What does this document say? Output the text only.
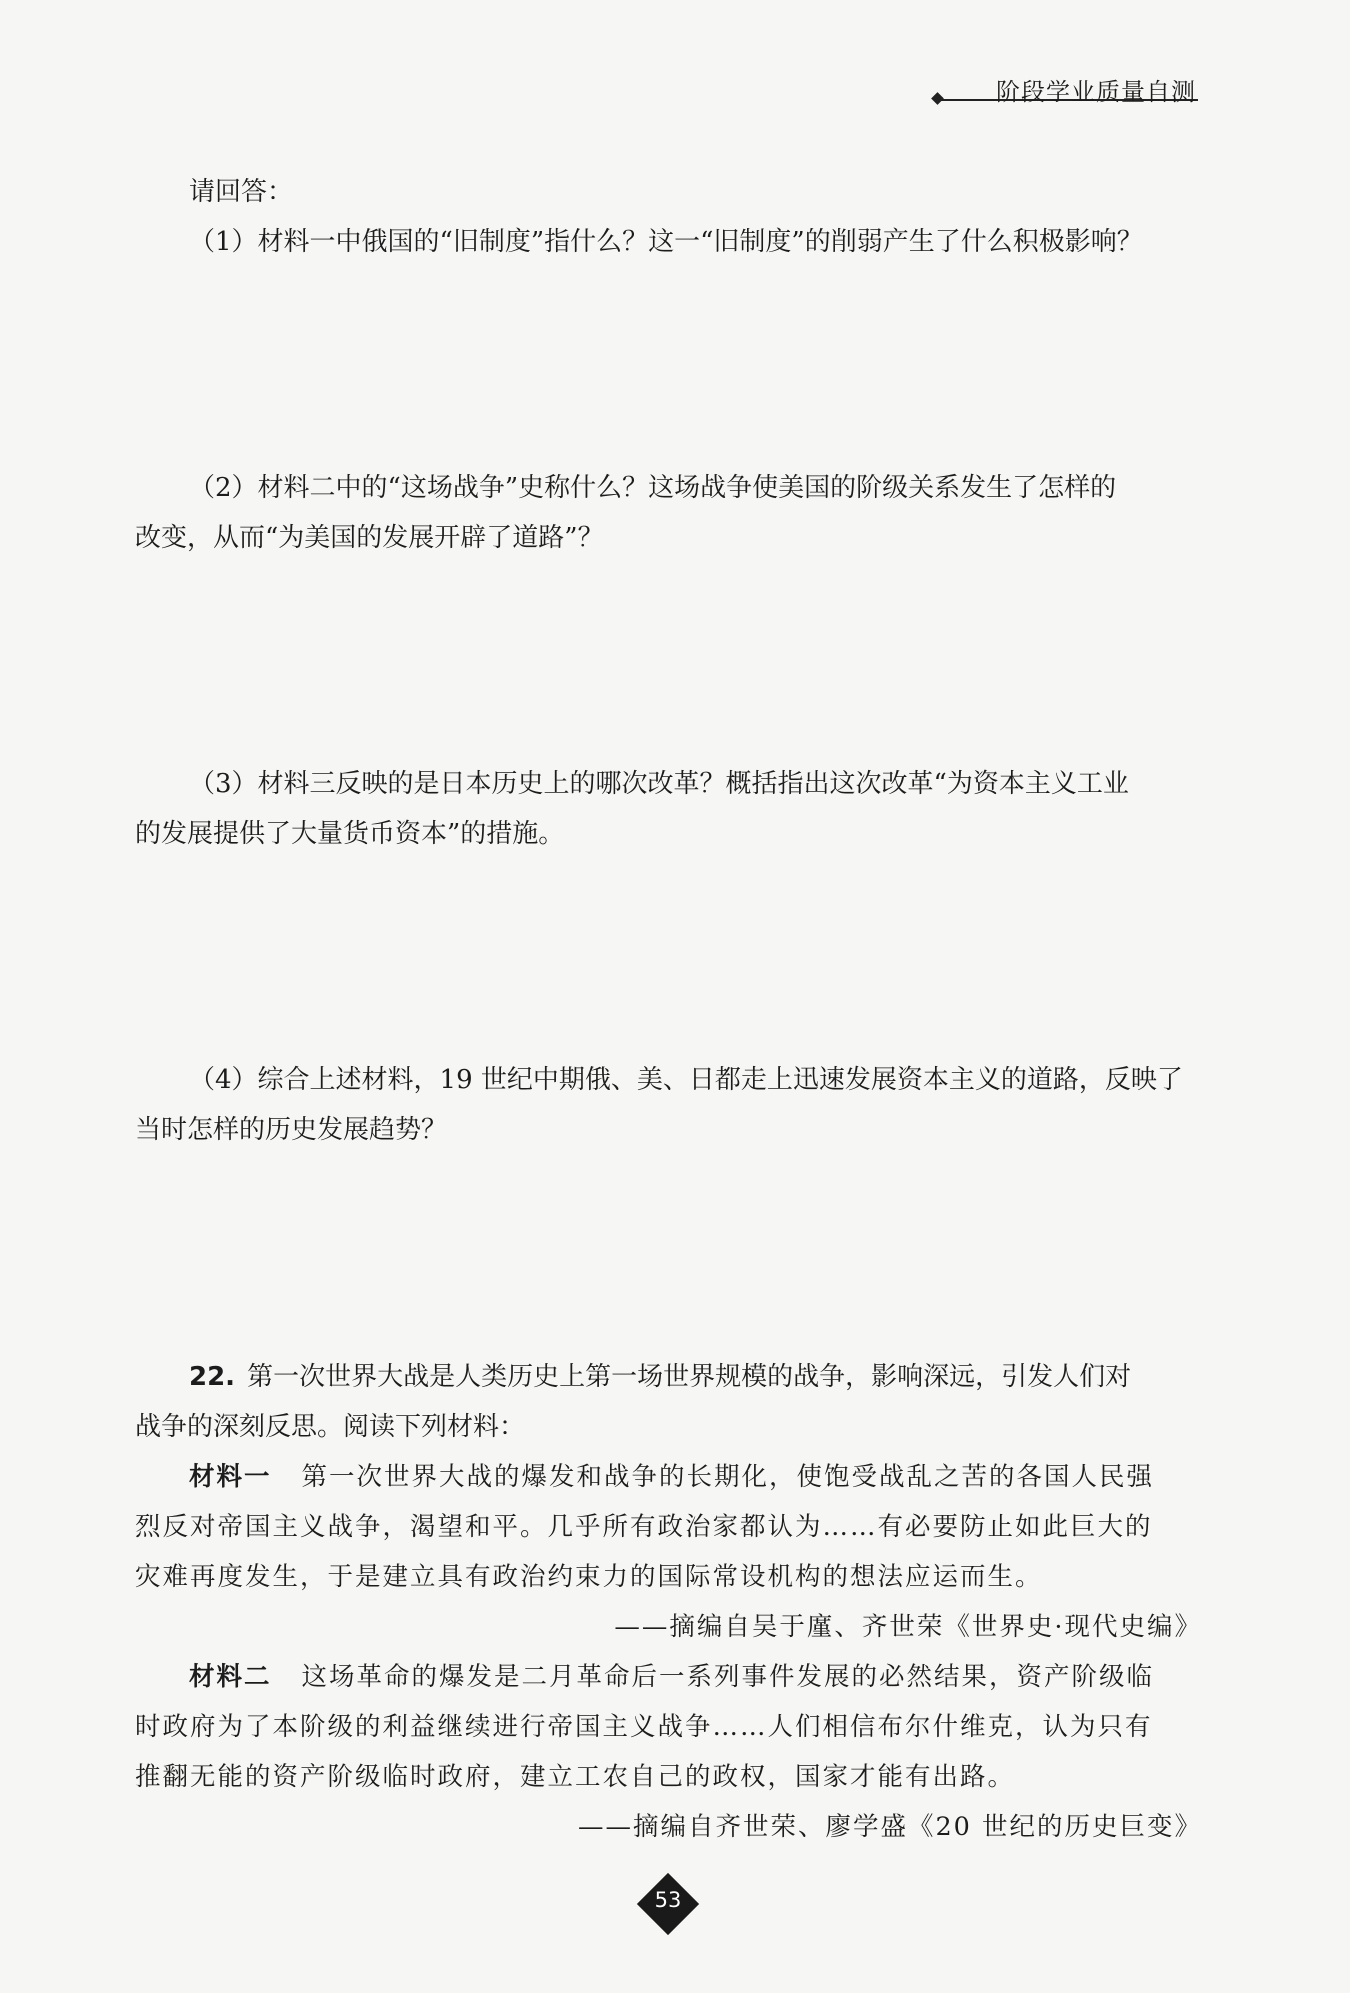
阶段学业质量自测
请回答：
（1）材料一中俄国的“旧制度”指什么？这一“旧制度”的削弱产生了什么积极影响？
（2）材料二中的“这场战争”史称什么？这场战争使美国的阶级关系发生了怎样的
改变，从而“为美国的发展开辟了道路”？
（3）材料三反映的是日本历史上的哪次改革？概括指出这次改革“为资本主义工业
的发展提供了大量货币资本”的措施。
（4）综合上述材料，19 世纪中期俄、美、日都走上迅速发展资本主义的道路，反映了
当时怎样的历史发展趋势？
22. 第一次世界大战是人类历史上第一场世界规模的战争，影响深远，引发人们对
战争的深刻反思。阅读下列材料：
材料一 第一次世界大战的爆发和战争的长期化，使饱受战乱之苦的各国人民强
烈反对帝国主义战争，渴望和平。几乎所有政治家都认为……有必要防止如此巨大的
灾难再度发生，于是建立具有政治约束力的国际常设机构的想法应运而生。
——摘编自吴于廑、齐世荣《世界史·现代史编》
材料二 这场革命的爆发是二月革命后一系列事件发展的必然结果，资产阶级临
时政府为了本阶级的利益继续进行帝国主义战争……人们相信布尔什维克，认为只有
推翻无能的资产阶级临时政府，建立工农自己的政权，国家才能有出路。
——摘编自齐世荣、廖学盛《20 世纪的历史巨变》
53
